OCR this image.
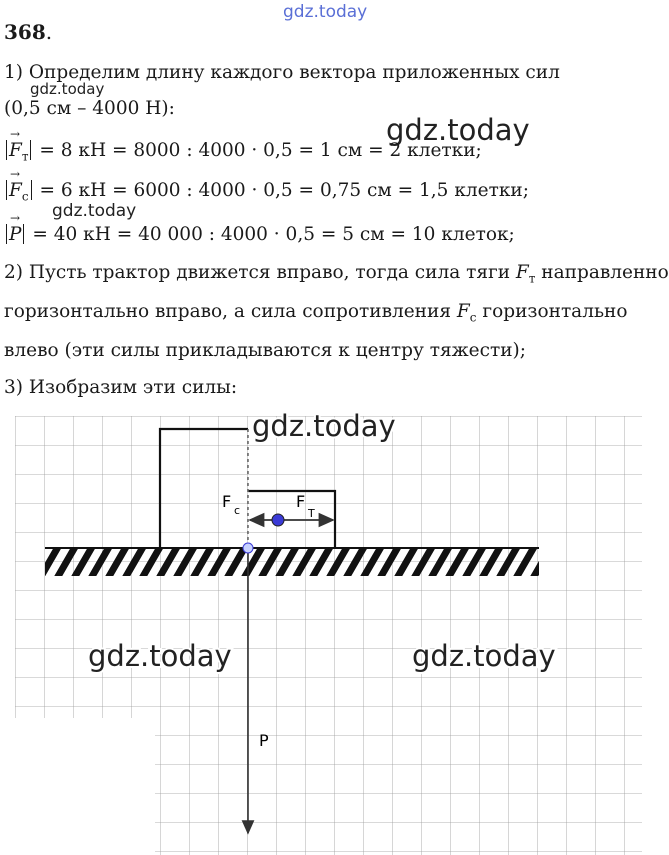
gdz.today
368.
1) Определим длину каждого вектора приложенных сил
gdz.today
(0,5 см – 4000 Н):
gdz.today
$F \to_т = 8$ кН = 8000 : 4000 · 0,5 = 1 см = 2 клетки;
$F \to_с = 6$ кН = 6000 : 4000 · 0,5 = 0,75 см = 1,5 клетки;
gdz.today
P → = 40 кН = 40 000 : 4000 · 0,5 = 5 см = 10 клеток;
2) Пусть трактор движется вправо, тогда сила тяги $F_т$ направленно
горизонтально вправо, а сила сопротивления $F_с$ горизонтально
влево (эти силы прикладываются к центру тяжести);
3) Изобразим эти силы:
F c	F
T
P
gdz.today
gdz.today	gdz.today
